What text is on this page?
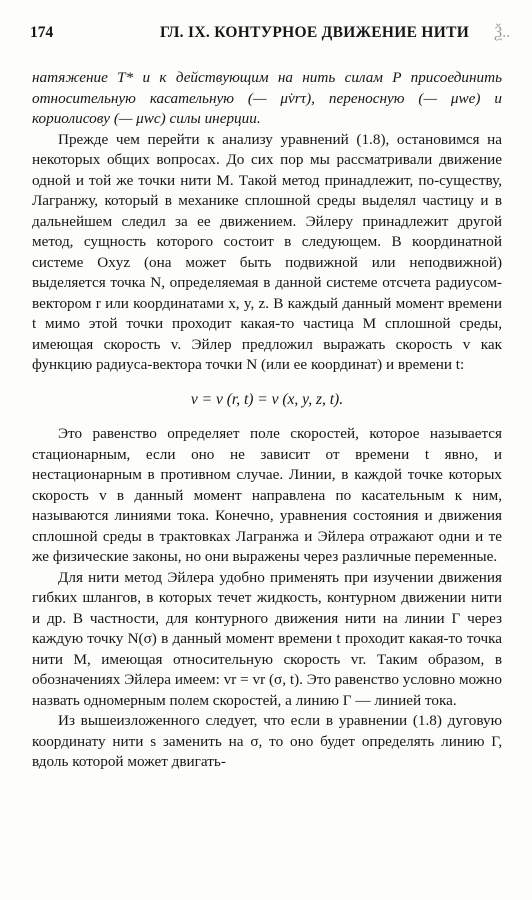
174	ГЛ. IX. КОНТУРНОЕ ДВИЖЕНИЕ НИТИ Ѯ..

натяжение T* и к действующим на нить силам P присоединить относительную касательную (— μv̇rτ), переносную (— μwe) и кориолисову (— μwc) силы инерции.

Прежде чем перейти к анализу уравнений (1.8), остановимся на некоторых общих вопросах. До сих пор мы рассматривали движение одной и той же точки нити M. Такой метод принадлежит, по-существу, Лагранжу, который в механике сплошной среды выделял частицу и в дальнейшем следил за ее движением. Эйлеру принадлежит другой метод, сущность которого состоит в следующем. В координатной системе Oxyz (она может быть подвижной или неподвижной) выделяется точка N, определяемая в данной системе отсчета радиусом-вектором r или координатами x, y, z. В каждый данный момент времени t мимо этой точки проходит какая-то частица M сплошной среды, имеющая скорость v. Эйлер предложил выражать скорость v как функцию радиуса-вектора точки N (или ее координат) и времени t:

v = v (r, t) = v (x, y, z, t).

Это равенство определяет поле скоростей, которое называется стационарным, если оно не зависит от времени t явно, и нестационарным в противном случае. Линии, в каждой точке которых скорость v в данный момент направлена по касательным к ним, называются линиями тока. Конечно, уравнения состояния и движения сплошной среды в трактовках Лагранжа и Эйлера отражают одни и те же физические законы, но они выражены через различные переменные.

Для нити метод Эйлера удобно применять при изучении движения гибких шлангов, в которых течет жидкость, контурном движении нити и др. В частности, для контурного движения нити на линии Γ через каждую точку N(σ) в данный момент времени t проходит какая-то точка нити M, имеющая относительную скорость vr. Таким образом, в обозначениях Эйлера имеем: vr = vr (σ, t). Это равенство условно можно назвать одномерным полем скоростей, а линию Γ — линией тока.

Из вышеизложенного следует, что если в уравнении (1.8) дуговую координату нити s заменить на σ, то оно будет определять линию Γ, вдоль которой может двигать-
